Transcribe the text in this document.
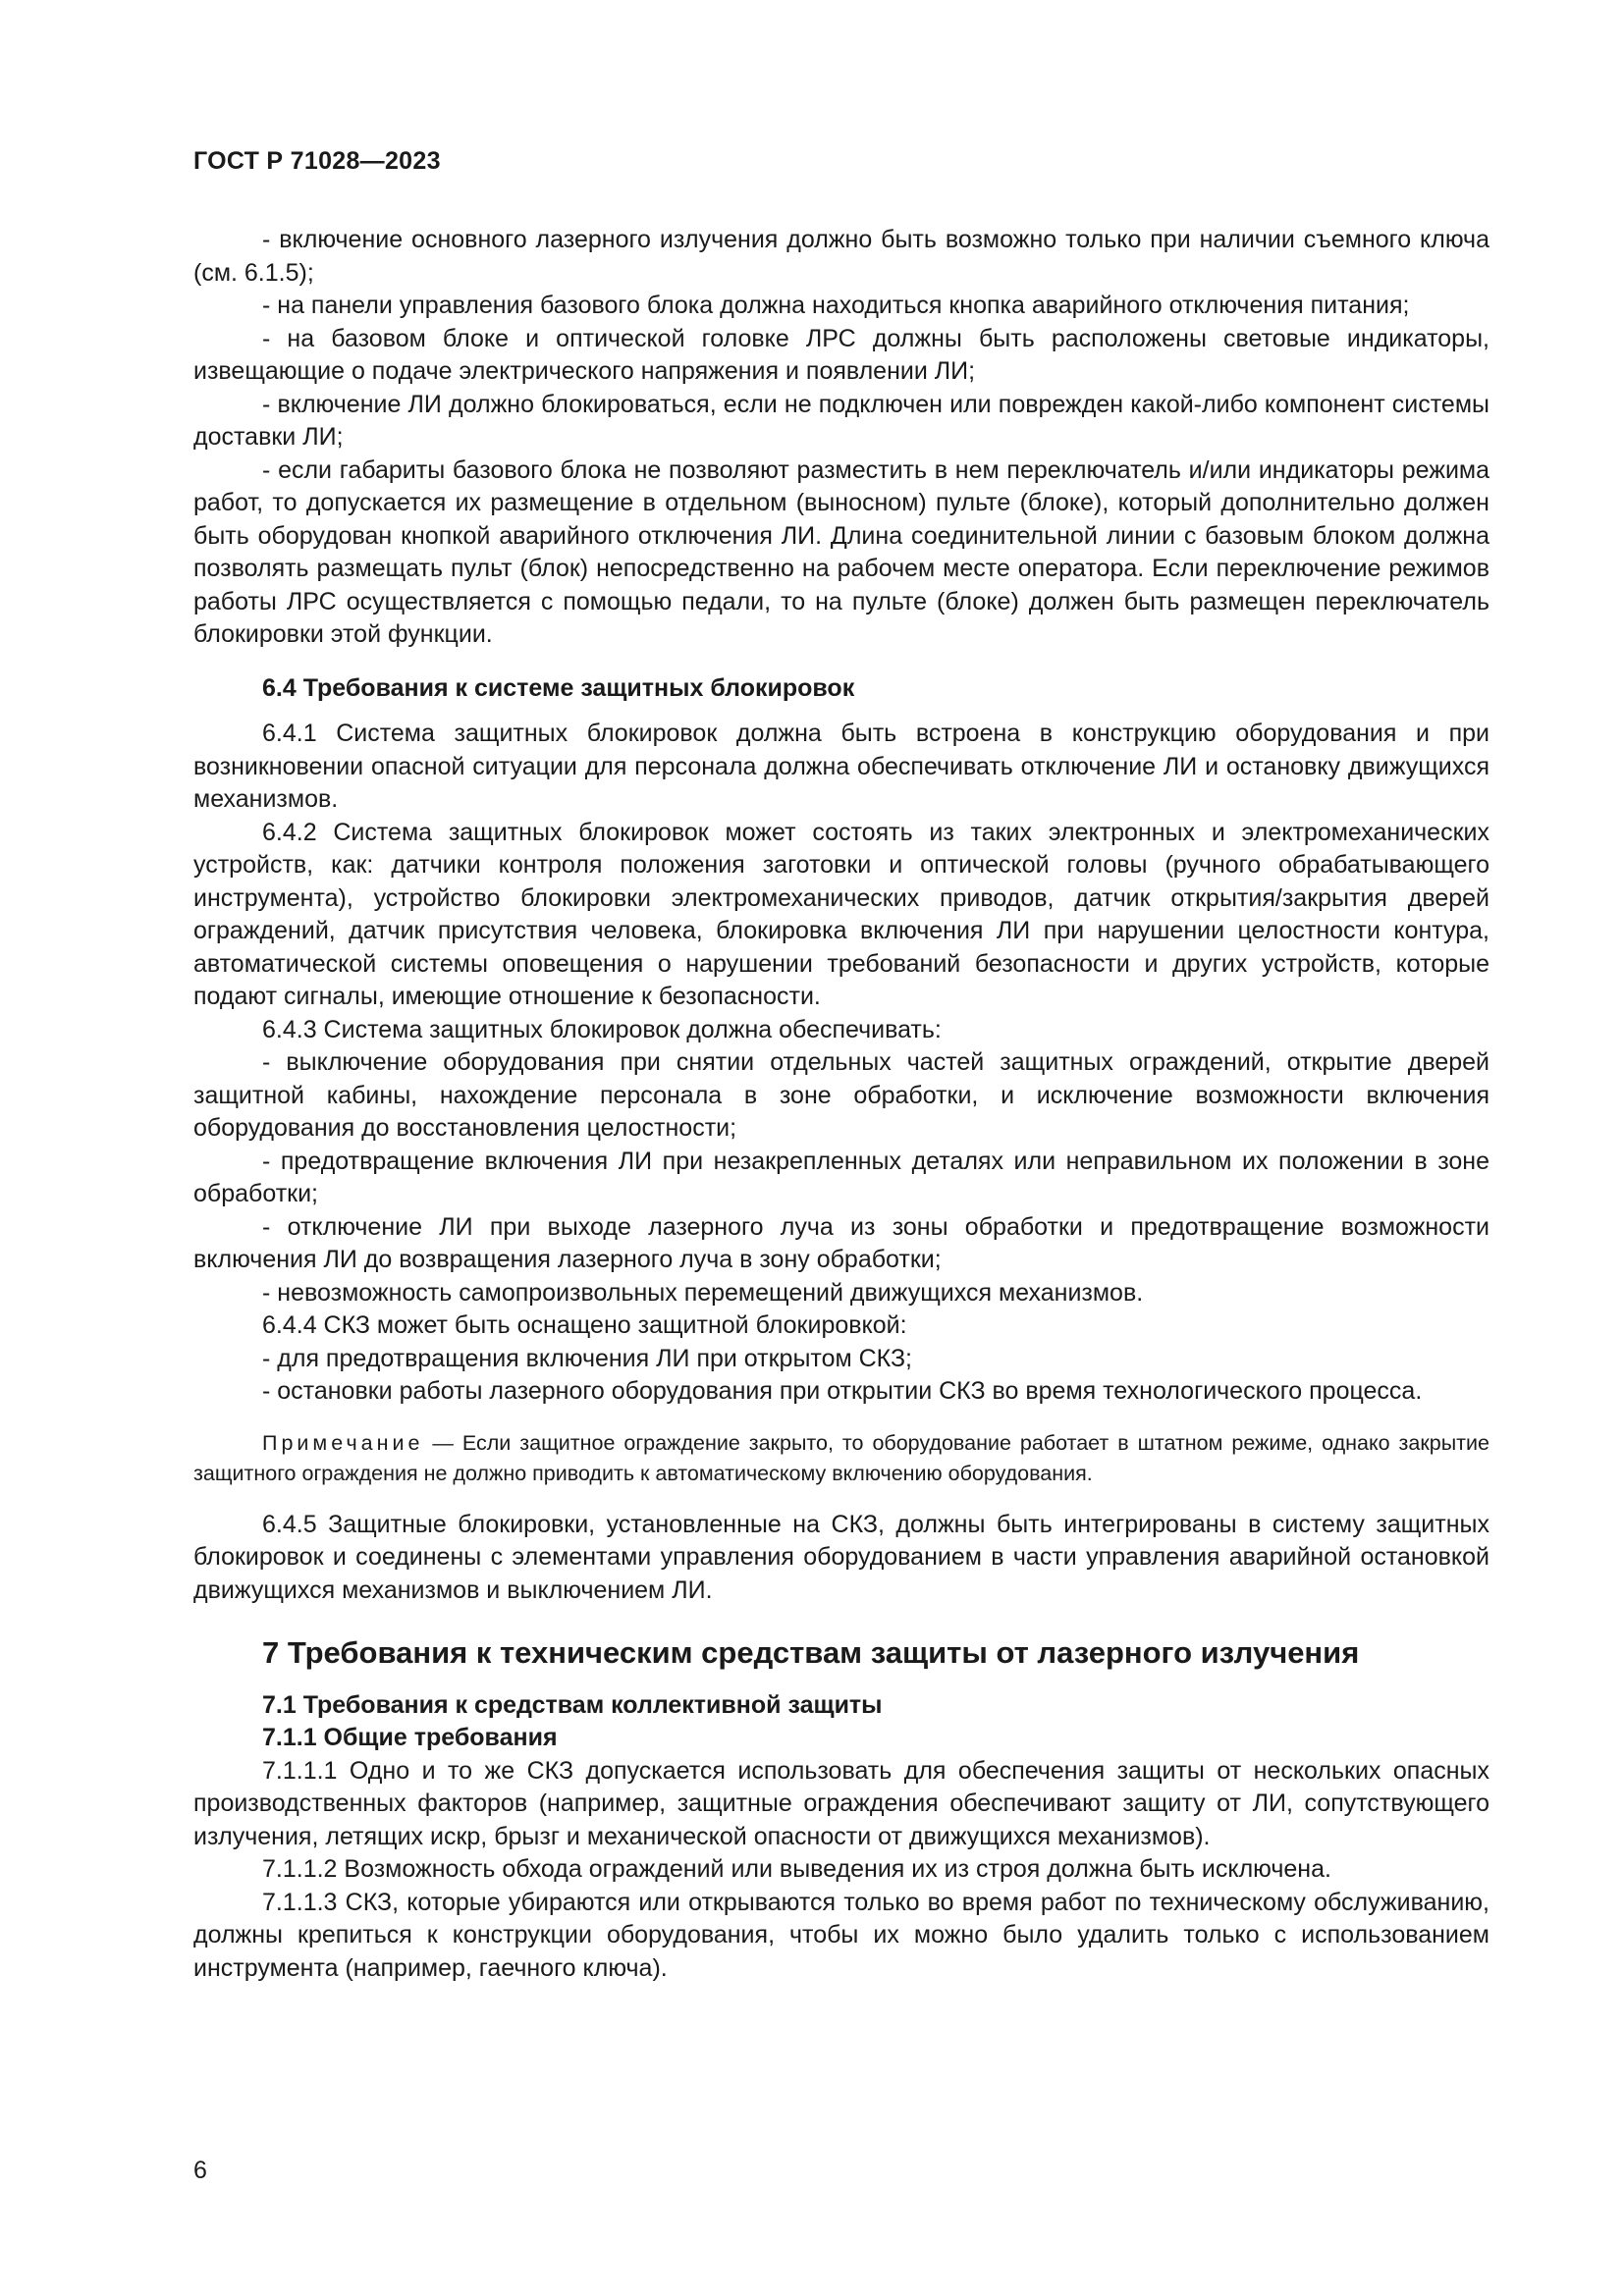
ГОСТ Р 71028—2023

- включение основного лазерного излучения должно быть возможно только при наличии съемного ключа (см. 6.1.5);

- на панели управления базового блока должна находиться кнопка аварийного отключения питания;

- на базовом блоке и оптической головке ЛРС должны быть расположены световые индикаторы, извещающие о подаче электрического напряжения и появлении ЛИ;

- включение ЛИ должно блокироваться, если не подключен или поврежден какой-либо компонент системы доставки ЛИ;

- если габариты базового блока не позволяют разместить в нем переключатель и/или индикаторы режима работ, то допускается их размещение в отдельном (выносном) пульте (блоке), который дополнительно должен быть оборудован кнопкой аварийного отключения ЛИ. Длина соединительной линии с базовым блоком должна позволять размещать пульт (блок) непосредственно на рабочем месте оператора. Если переключение режимов работы ЛРС осуществляется с помощью педали, то на пульте (блоке) должен быть размещен переключатель блокировки этой функции.

6.4 Требования к системе защитных блокировок

6.4.1 Система защитных блокировок должна быть встроена в конструкцию оборудования и при возникновении опасной ситуации для персонала должна обеспечивать отключение ЛИ и остановку движущихся механизмов.

6.4.2 Система защитных блокировок может состоять из таких электронных и электромеханических устройств, как: датчики контроля положения заготовки и оптической головы (ручного обрабатывающего инструмента), устройство блокировки электромеханических приводов, датчик открытия/закрытия дверей ограждений, датчик присутствия человека, блокировка включения ЛИ при нарушении целостности контура, автоматической системы оповещения о нарушении требований безопасности и других устройств, которые подают сигналы, имеющие отношение к безопасности.

6.4.3 Система защитных блокировок должна обеспечивать:

- выключение оборудования при снятии отдельных частей защитных ограждений, открытие дверей защитной кабины, нахождение персонала в зоне обработки, и исключение возможности включения оборудования до восстановления целостности;

- предотвращение включения ЛИ при незакрепленных деталях или неправильном их положении в зоне обработки;

- отключение ЛИ при выходе лазерного луча из зоны обработки и предотвращение возможности включения ЛИ до возвращения лазерного луча в зону обработки;

- невозможность самопроизвольных перемещений движущихся механизмов.

6.4.4 СКЗ может быть оснащено защитной блокировкой:

- для предотвращения включения ЛИ при открытом СКЗ;

- остановки работы лазерного оборудования при открытии СКЗ во время технологического процесса.

Примечание — Если защитное ограждение закрыто, то оборудование работает в штатном режиме, однако закрытие защитного ограждения не должно приводить к автоматическому включению оборудования.

6.4.5 Защитные блокировки, установленные на СКЗ, должны быть интегрированы в систему защитных блокировок и соединены с элементами управления оборудованием в части управления аварийной остановкой движущихся механизмов и выключением ЛИ.

7 Требования к техническим средствам защиты от лазерного излучения
7.1 Требования к средствам коллективной защиты
7.1.1 Общие требования

7.1.1.1 Одно и то же СКЗ допускается использовать для обеспечения защиты от нескольких опасных производственных факторов (например, защитные ограждения обеспечивают защиту от ЛИ, сопутствующего излучения, летящих искр, брызг и механической опасности от движущихся механизмов).

7.1.1.2 Возможность обхода ограждений или выведения их из строя должна быть исключена.

7.1.1.3 СКЗ, которые убираются или открываются только во время работ по техническому обслуживанию, должны крепиться к конструкции оборудования, чтобы их можно было удалить только с использованием инструмента (например, гаечного ключа).

6
